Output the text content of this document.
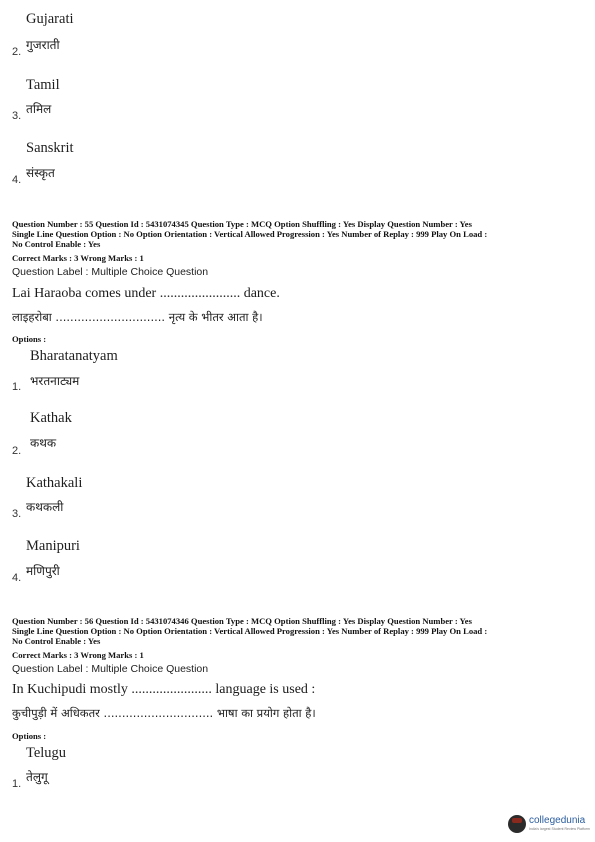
Gujarati
2. गुजराती
Tamil
3. तमिल
Sanskrit
4. संस्कृत
Question Number : 55 Question Id : 5431074345 Question Type : MCQ Option Shuffling : Yes Display Question Number : Yes
Single Line Question Option : No Option Orientation : Vertical Allowed Progression : Yes Number of Replay : 999 Play On Load :
No Control Enable : Yes
Correct Marks : 3 Wrong Marks : 1
Question Label : Multiple Choice Question
Lai Haraoba comes under ....................... dance.
लाइहरोबा .............................. नृत्य के भीतर आता है।
Options :
Bharatanatyam
1. भरतनाट्यम
Kathak
2.
कथक
Kathakali
3. कथकली
Manipuri
4. मणिपुरी
Question Number : 56 Question Id : 5431074346 Question Type : MCQ Option Shuffling : Yes Display Question Number : Yes
Single Line Question Option : No Option Orientation : Vertical Allowed Progression : Yes Number of Replay : 999 Play On Load :
No Control Enable : Yes
Correct Marks : 3 Wrong Marks : 1
Question Label : Multiple Choice Question
In Kuchipudi mostly ....................... language is used :
कुचीपुड़ी में अधिकतर .............................. भाषा का प्रयोग होता है।
Options :
Telugu
1. तेलुगू
collegedunia
India's largest Student Review Platform
